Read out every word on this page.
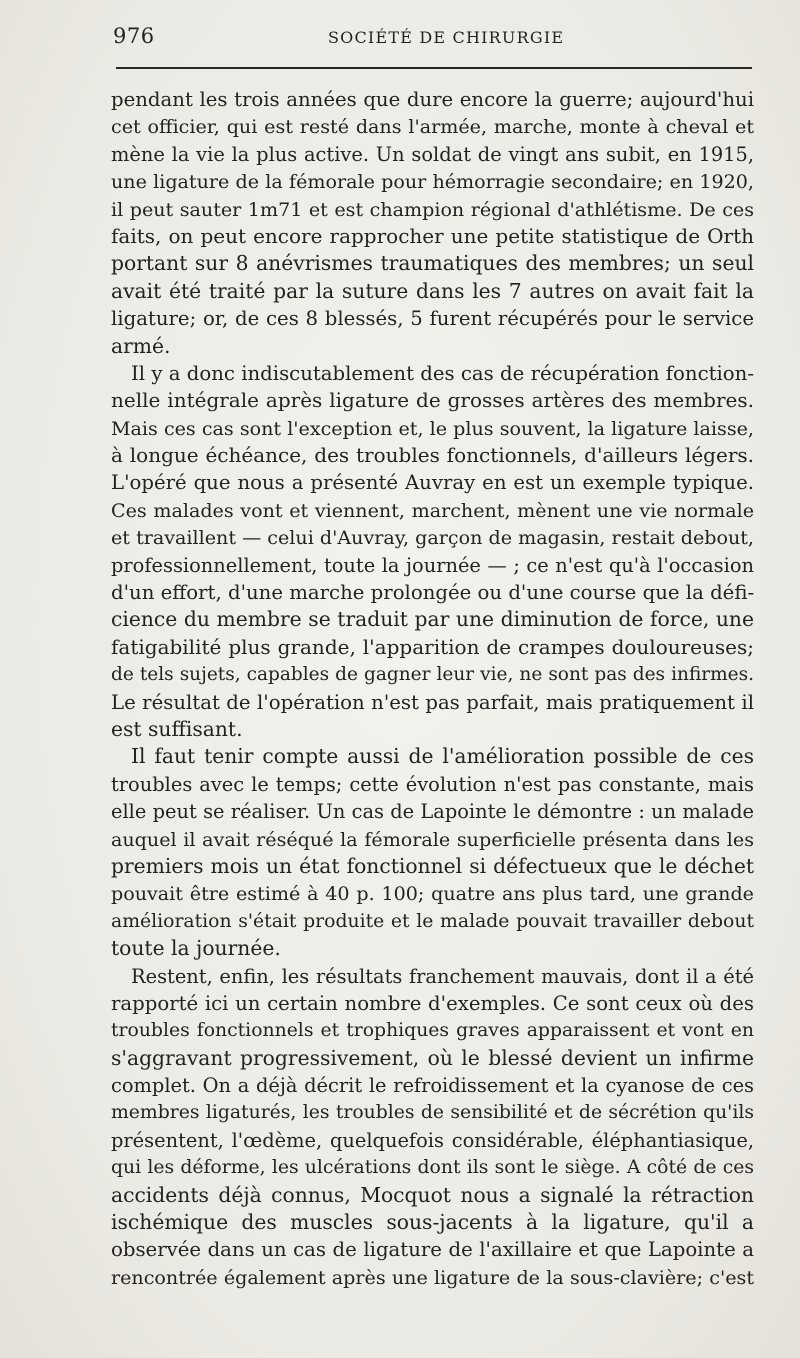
976	SOCIÉTÉ DE CHIRURGIE
pendant les trois années que dure encore la guerre; aujourd'hui
cet officier, qui est resté dans l'armée, marche, monte à cheval et
mène la vie la plus active. Un soldat de vingt ans subit, en 1915,
une ligature de la fémorale pour hémorragie secondaire; en 1920,
il peut sauter 1m71 et est champion régional d'athlétisme. De ces
faits, on peut encore rapprocher une petite statistique de Orth
portant sur 8 anévrismes traumatiques des membres; un seul
avait été traité par la suture dans les 7 autres on avait fait la
ligature; or, de ces 8 blessés, 5 furent récupérés pour le service
armé.
Il y a donc indiscutablement des cas de récupération fonction-
nelle intégrale après ligature de grosses artères des membres.
Mais ces cas sont l'exception et, le plus souvent, la ligature laisse,
à longue échéance, des troubles fonctionnels, d'ailleurs légers.
L'opéré que nous a présenté Auvray en est un exemple typique.
Ces malades vont et viennent, marchent, mènent une vie normale
et travaillent — celui d'Auvray, garçon de magasin, restait debout,
professionnellement, toute la journée — ; ce n'est qu'à l'occasion
d'un effort, d'une marche prolongée ou d'une course que la défi-
cience du membre se traduit par une diminution de force, une
fatigabilité plus grande, l'apparition de crampes douloureuses;
de tels sujets, capables de gagner leur vie, ne sont pas des infirmes.
Le résultat de l'opération n'est pas parfait, mais pratiquement il
est suffisant.
Il faut tenir compte aussi de l'amélioration possible de ces
troubles avec le temps; cette évolution n'est pas constante, mais
elle peut se réaliser. Un cas de Lapointe le démontre : un malade
auquel il avait réséqué la fémorale superficielle présenta dans les
premiers mois un état fonctionnel si défectueux que le déchet
pouvait être estimé à 40 p. 100; quatre ans plus tard, une grande
amélioration s'était produite et le malade pouvait travailler debout
toute la journée.
Restent, enfin, les résultats franchement mauvais, dont il a été
rapporté ici un certain nombre d'exemples. Ce sont ceux où des
troubles fonctionnels et trophiques graves apparaissent et vont en
s'aggravant progressivement, où le blessé devient un infirme
complet. On a déjà décrit le refroidissement et la cyanose de ces
membres ligaturés, les troubles de sensibilité et de sécrétion qu'ils
présentent, l'œdème, quelquefois considérable, éléphantiasique,
qui les déforme, les ulcérations dont ils sont le siège. A côté de ces
accidents déjà connus, Mocquot nous a signalé la rétraction
ischémique des muscles sous-jacents à la ligature, qu'il a
observée dans un cas de ligature de l'axillaire et que Lapointe a
rencontrée également après une ligature de la sous-clavière; c'est
